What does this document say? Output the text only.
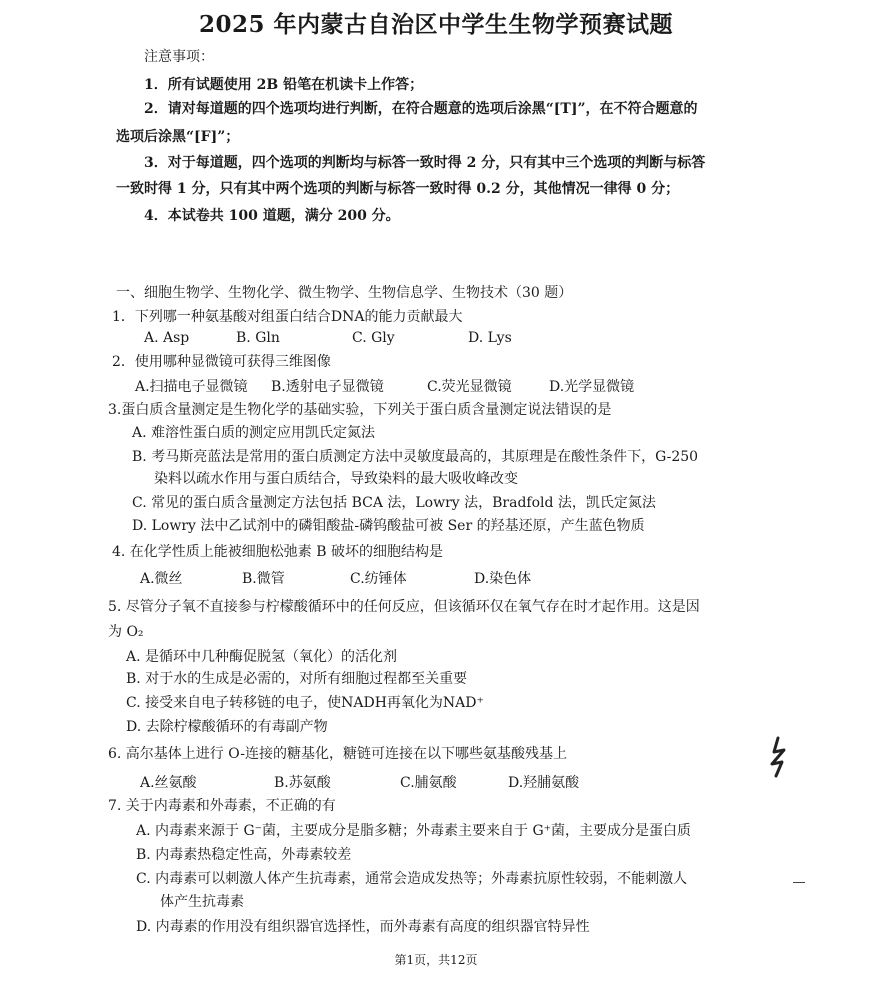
2025 年内蒙古自治区中学生生物学预赛试题
注意事项：
1．所有试题使用 2B 铅笔在机读卡上作答；
2．请对每道题的四个选项均进行判断，在符合题意的选项后涂黑“[T]”，在不符合题意的
选项后涂黑“[F]”；
3．对于每道题，四个选项的判断均与标答一致时得 2 分，只有其中三个选项的判断与标答
一致时得 1 分，只有其中两个选项的判断与标答一致时得 0.2 分，其他情况一律得 0 分；
4．本试卷共 100 道题，满分 200 分。
一、细胞生物学、生物化学、微生物学、生物信息学、生物技术（30 题）
1．下列哪一种氨基酸对组蛋白结合DNA的能力贡献最大
A. Asp	B. Gln	C. Gly	D. Lys
2．使用哪种显微镜可获得三维图像
A.扫描电子显微镜 B.透射电子显微镜	C.荧光显微镜	D.光学显微镜
3.蛋白质含量测定是生物化学的基础实验，下列关于蛋白质含量测定说法错误的是
A. 难溶性蛋白质的测定应用凯氏定氮法
B. 考马斯亮蓝法是常用的蛋白质测定方法中灵敏度最高的，其原理是在酸性条件下，G-250
染料以疏水作用与蛋白质结合，导致染料的最大吸收峰改变
C. 常见的蛋白质含量测定方法包括 BCA 法，Lowry 法，Bradfold 法，凯氏定氮法
D. Lowry 法中乙试剂中的磷钼酸盐-磷钨酸盐可被 Ser 的羟基还原，产生蓝色物质
4. 在化学性质上能被细胞松弛素 B 破坏的细胞结构是
A.微丝	B.微管	C.纺锤体	D.染色体
5. 尽管分子氧不直接参与柠檬酸循环中的任何反应，但该循环仅在氧气存在时才起作用。这是因
为 O₂
A. 是循环中几种酶促脱氢（氧化）的活化剂
B. 对于水的生成是必需的，对所有细胞过程都至关重要
C. 接受来自电子转移链的电子，使NADH再氧化为NAD⁺
D. 去除柠檬酸循环的有毒副产物
6. 高尔基体上进行 O-连接的糖基化，糖链可连接在以下哪些氨基酸残基上
A.丝氨酸	B.苏氨酸	C.脯氨酸	D.羟脯氨酸
7. 关于内毒素和外毒素，不正确的有
A. 内毒素来源于 G⁻菌，主要成分是脂多糖；外毒素主要来自于 G⁺菌，主要成分是蛋白质
B. 内毒素热稳定性高，外毒素较差
C. 内毒素可以刺激人体产生抗毒素，通常会造成发热等；外毒素抗原性较弱，不能刺激人
体产生抗毒素
D. 内毒素的作用没有组织器官选择性，而外毒素有高度的组织器官特异性
第1页，共12页
